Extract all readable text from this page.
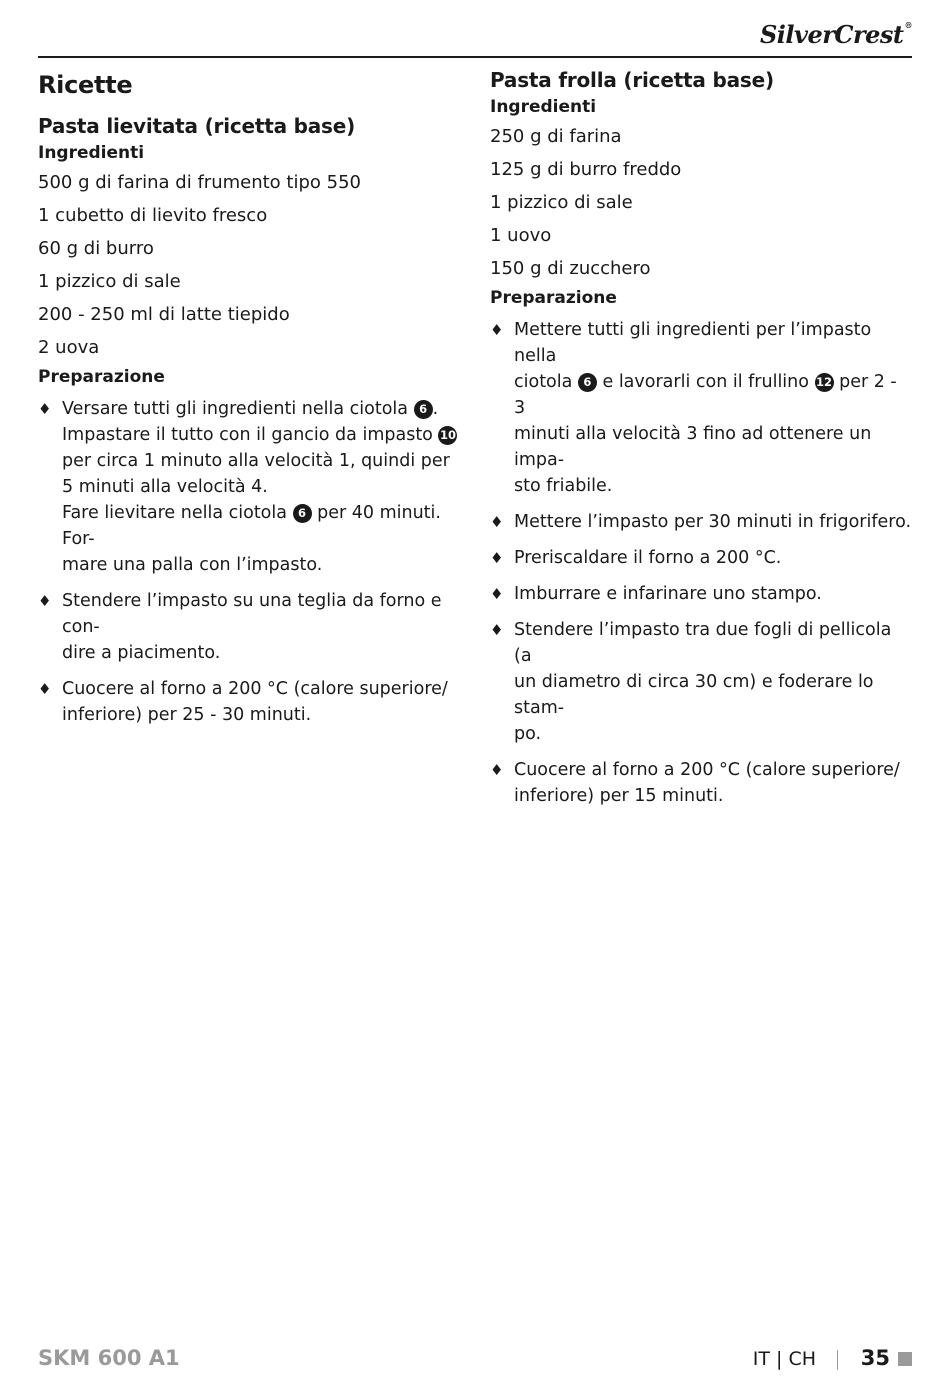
SilverCrest®
Ricette
Pasta lievitata (ricetta base)
Ingredienti
500 g di farina di frumento tipo 550
1 cubetto di lievito fresco
60 g di burro
1 pizzico di sale
200 - 250 ml di latte tiepido
2 uova
Preparazione
♦ Versare tutti gli ingredienti nella ciotola 6 .
Impastare il tutto con il gancio da impasto 10
per circa 1 minuto alla velocità 1, quindi per
5 minuti alla velocità 4.
Fare lievitare nella ciotola 6 per 40 minuti. For-
mare una palla con l’impasto.
♦ Stendere l’impasto su una teglia da forno e con-
dire a piacimento.
♦ Cuocere al forno a 200 °C (calore superiore/
inferiore) per 25 - 30 minuti.
Pasta frolla (ricetta base)
Ingredienti
250 g di farina
125 g di burro freddo
1 pizzico di sale
1 uovo
150 g di zucchero
Preparazione
♦ Mettere tutti gli ingredienti per l’impasto nella
ciotola 6 e lavorarli con il frullino 12 per 2 - 3
minuti alla velocità 3 fino ad ottenere un impa-
sto friabile.
♦ Mettere l’impasto per 30 minuti in frigorifero.
♦ Preriscaldare il forno a 200 °C.
♦ Imburrare e infarinare uno stampo.
♦ Stendere l’impasto tra due fogli di pellicola (a
un diametro di circa 30 cm) e foderare lo stam-
po.
♦ Cuocere al forno a 200 °C (calore superiore/
inferiore) per 15 minuti.
SKM 600 A1	IT | CH 35
